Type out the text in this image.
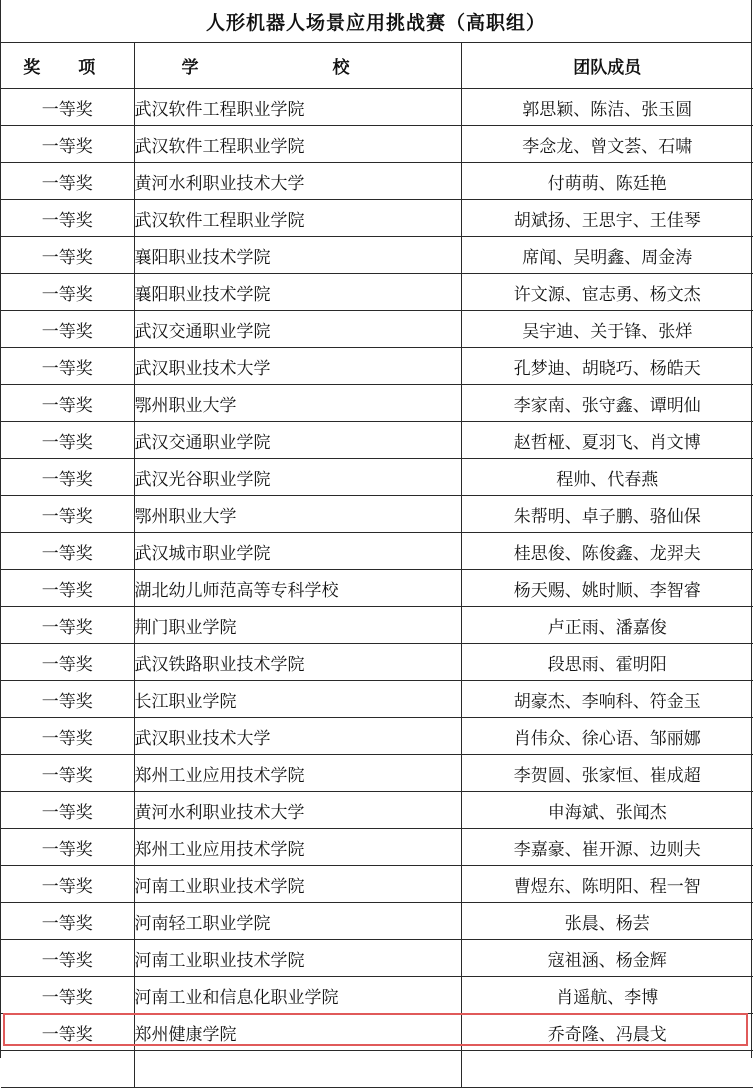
人形机器人场景应用挑战赛（高职组）
奖 项	学 校	团队成员
一等奖	武汉软件工程职业学院	郭思颖、陈洁、张玉圆
一等奖	武汉软件工程职业学院	李念龙、曾文荟、石啸
一等奖	黄河水利职业技术大学	付萌萌、陈廷艳
一等奖	武汉软件工程职业学院	胡斌扬、王思宇、王佳琴
一等奖	襄阳职业技术学院	席闻、吴明鑫、周金涛
一等奖	襄阳职业技术学院	许文源、宦志勇、杨文杰
一等奖	武汉交通职业学院	吴宇迪、关于锋、张烊
一等奖	武汉职业技术大学	孔梦迪、胡晓巧、杨皓天
一等奖	鄂州职业大学	李家南、张守鑫、谭明仙
一等奖	武汉交通职业学院	赵哲桠、夏羽飞、肖文博
一等奖	武汉光谷职业学院	程帅、代春燕
一等奖	鄂州职业大学	朱帮明、卓子鹏、骆仙保
一等奖	武汉城市职业学院	桂思俊、陈俊鑫、龙羿夫
一等奖	湖北幼儿师范高等专科学校	杨天赐、姚时顺、李智睿
一等奖	荆门职业学院	卢正雨、潘嘉俊
一等奖	武汉铁路职业技术学院	段思雨、霍明阳
一等奖	长江职业学院	胡豪杰、李响科、符金玉
一等奖	武汉职业技术大学	肖伟众、徐心语、邹丽娜
一等奖	郑州工业应用技术学院	李贺圆、张家恒、崔成超
一等奖	黄河水利职业技术大学	申海斌、张闻杰
一等奖	郑州工业应用技术学院	李嘉豪、崔开源、边则夫
一等奖	河南工业职业技术学院	曹煜东、陈明阳、程一智
一等奖	河南轻工职业学院	张晨、杨芸
一等奖	河南工业职业技术学院	寇祖涵、杨金辉
一等奖	河南工业和信息化职业学院	肖遥航、李博
一等奖	郑州健康学院	乔奇隆、冯晨戈
